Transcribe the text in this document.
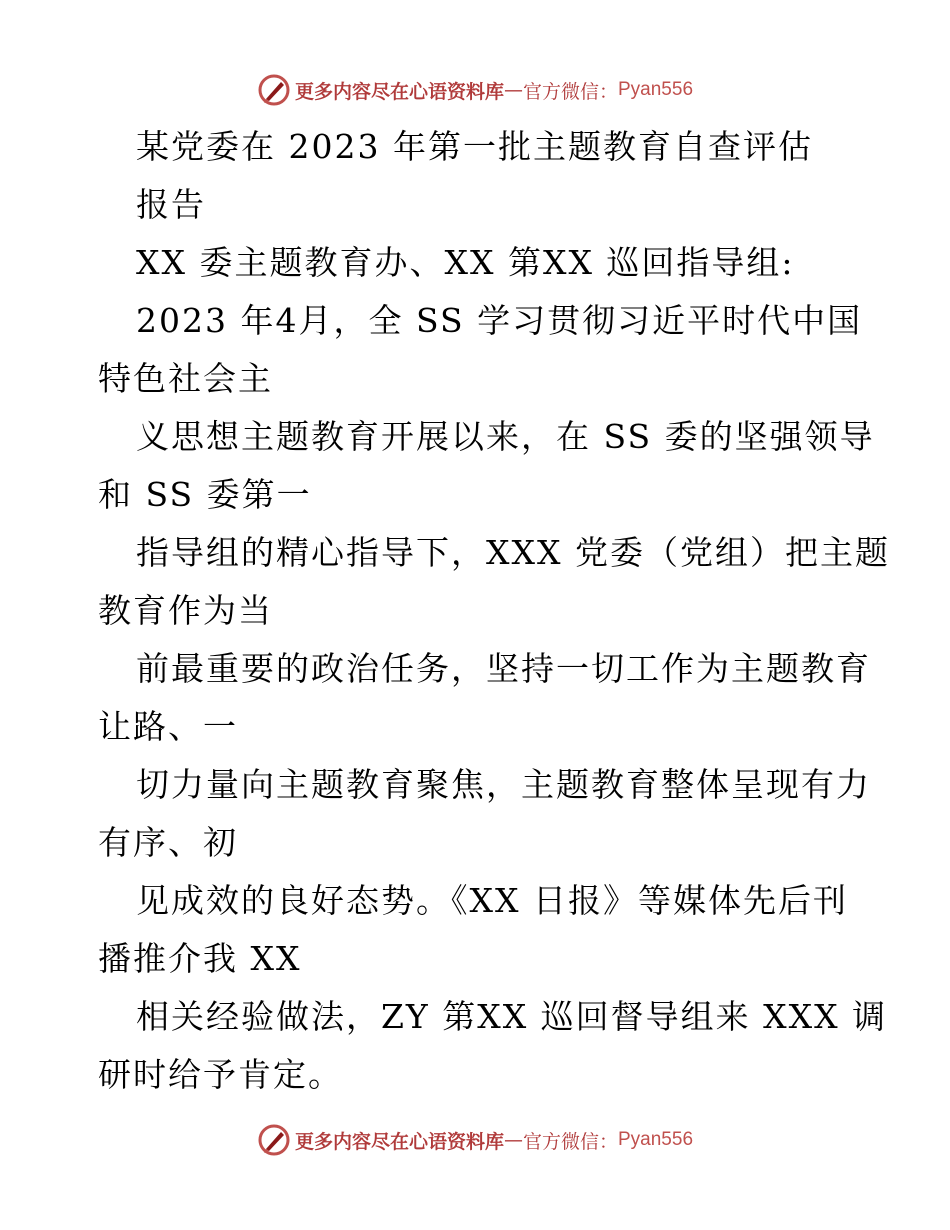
更多内容尽在心语资料库 — 官方微信： Pyan556
某党委在 2023 年第一批主题教育自查评估
报告
XX 委主题教育办、XX 第XX 巡回指导组:
2023 年4月，全 SS 学习贯彻习近平时代中国
特色社会主
义思想主题教育开展以来，在 SS 委的坚强领导
和 SS 委第一
指导组的精心指导下，XXX 党委（党组）把主题
教育作为当
前最重要的政治任务，坚持一切工作为主题教育
让路、一
切力量向主题教育聚焦，主题教育整体呈现有力
有序、初
见成效的良好态势。《XX 日报》等媒体先后刊
播推介我 XX
相关经验做法，ZY 第XX 巡回督导组来 XXX 调
研时给予肯定。
更多内容尽在心语资料库 — 官方微信： Pyan556
